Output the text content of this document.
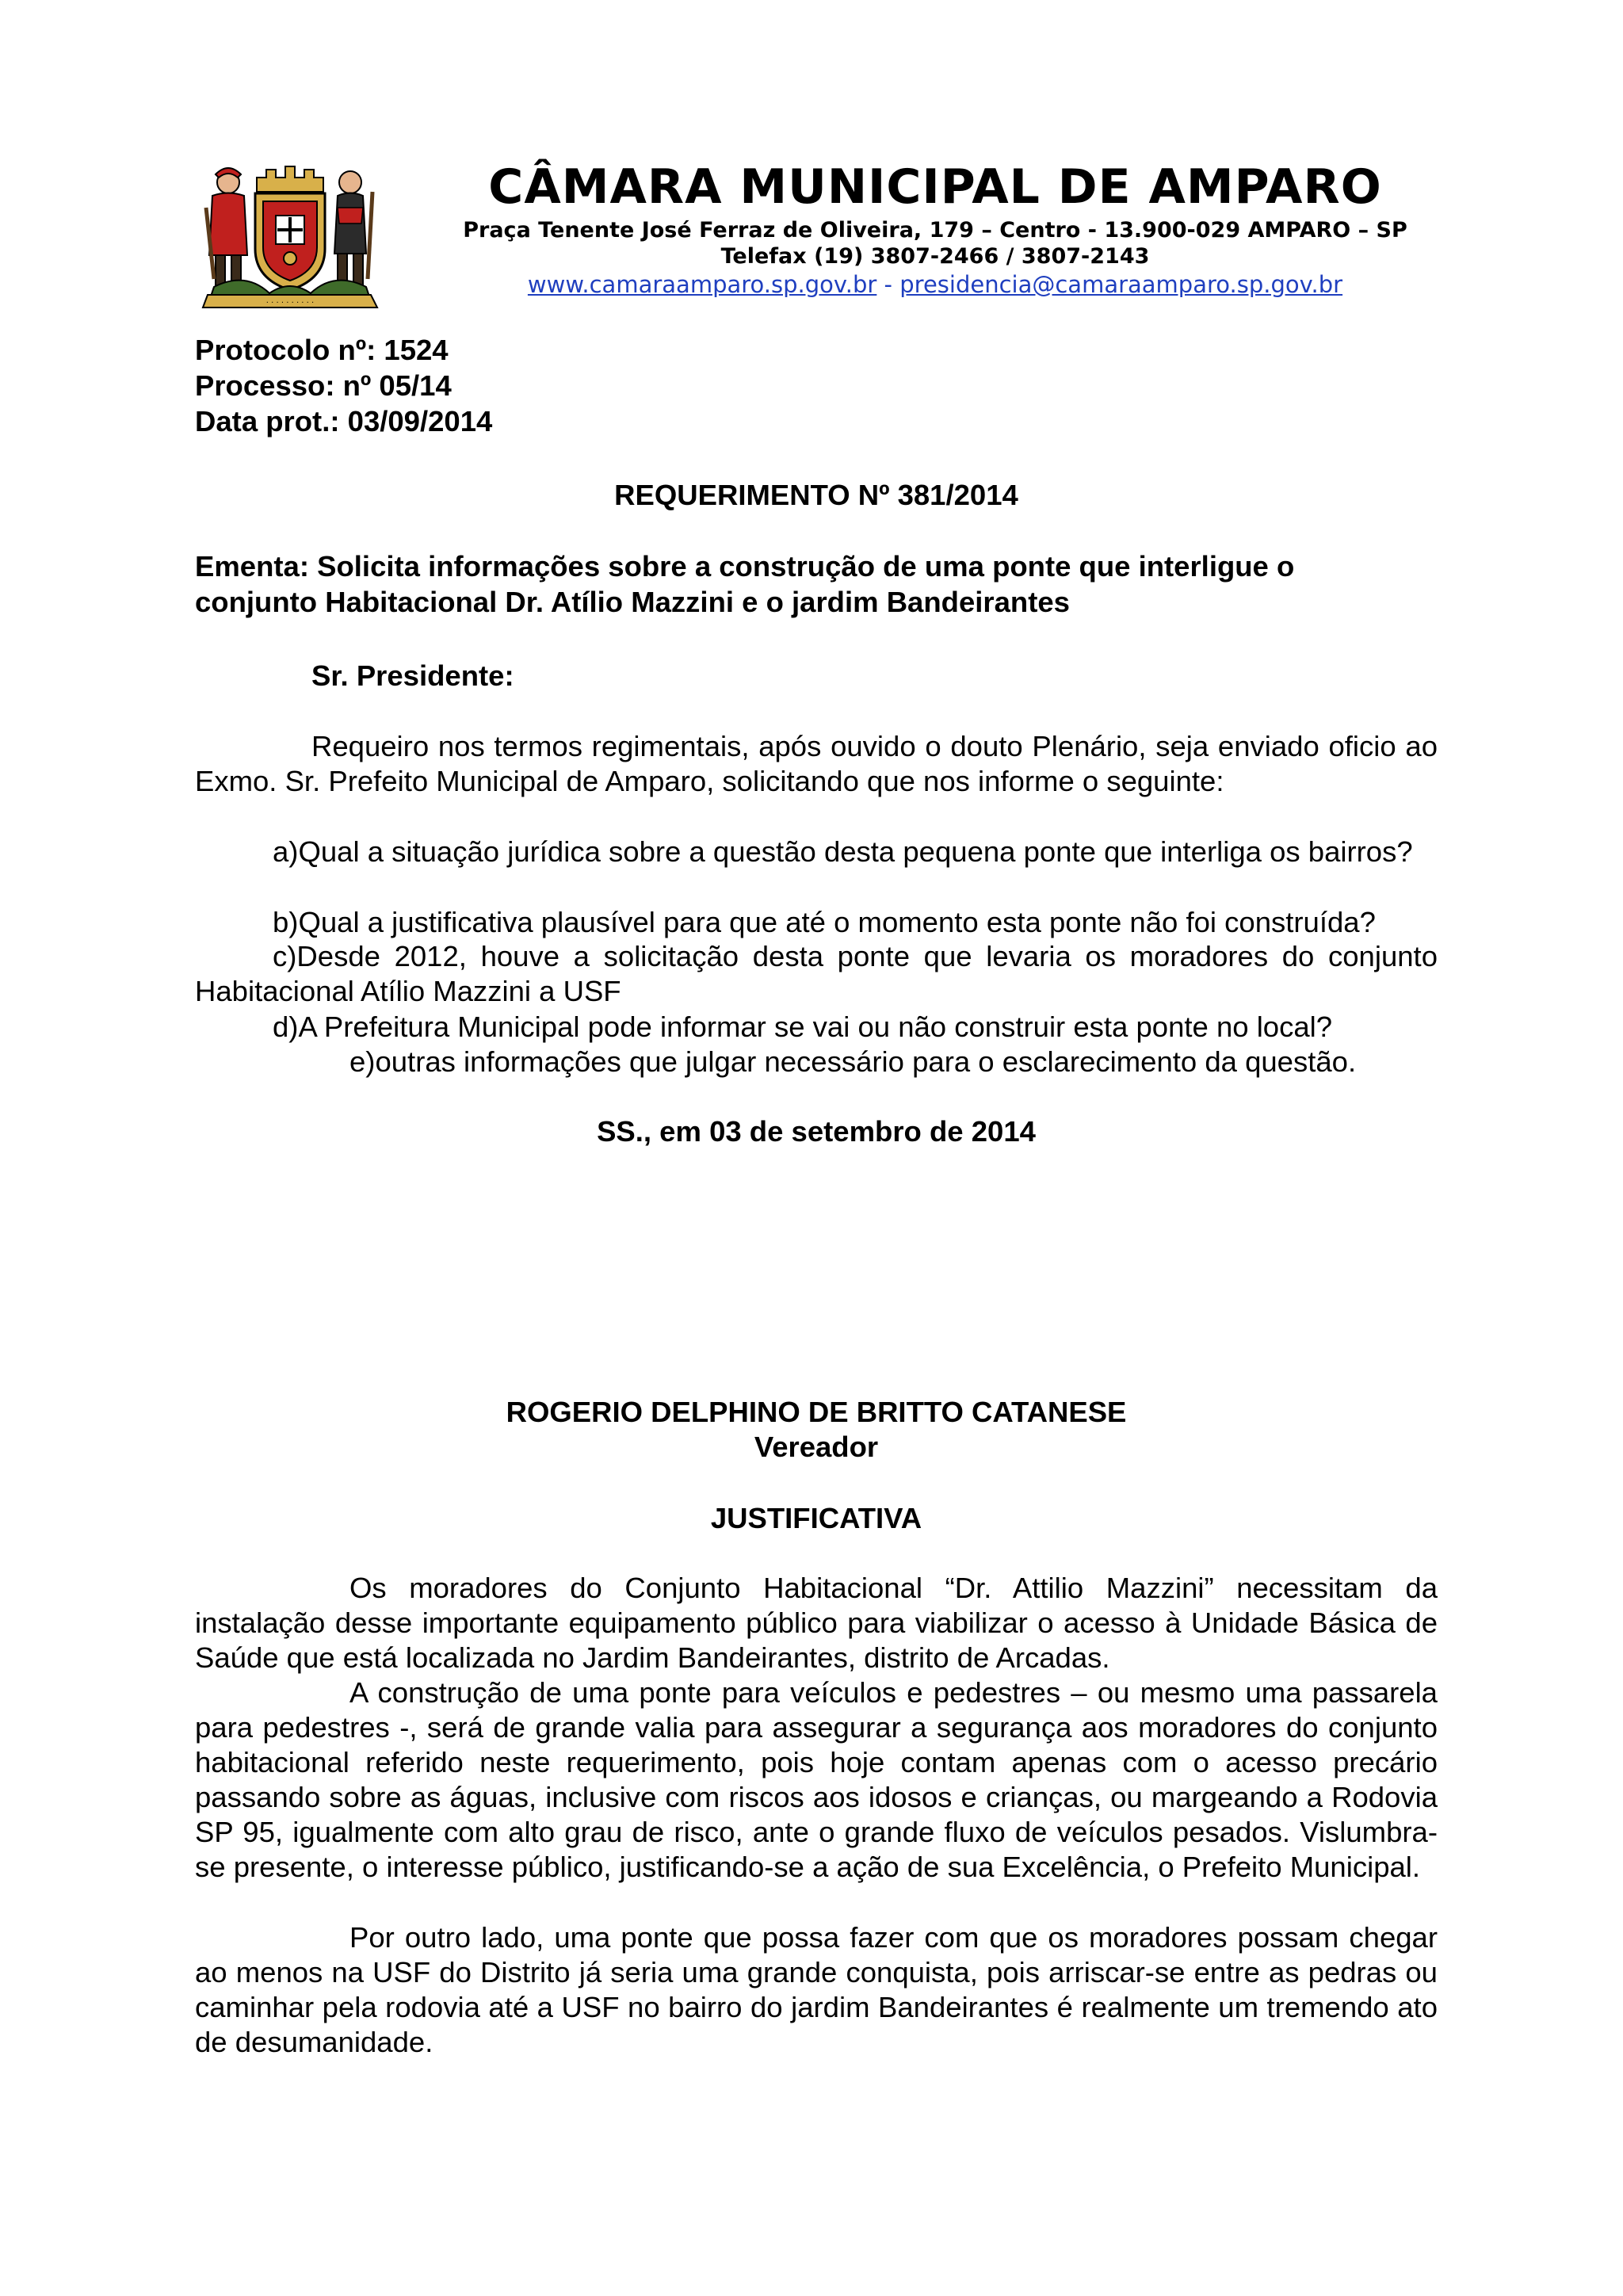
· · · · · · · · · ·
CÂMARA MUNICIPAL DE AMPARO
Praça Tenente José Ferraz de Oliveira, 179 – Centro - 13.900-029 AMPARO – SP
Telefax (19) 3807-2466 / 3807-2143
www.camaraamparo.sp.gov.br - presidencia@camaraamparo.sp.gov.br
Protocolo nº: 1524
Processo: nº 05/14
Data prot.: 03/09/2014
REQUERIMENTO Nº 381/2014
Ementa: Solicita informações sobre a construção de uma ponte que interligue o
conjunto Habitacional Dr. Atílio Mazzini e o jardim Bandeirantes
Sr. Presidente:
Requeiro nos termos regimentais, após ouvido o douto Plenário, seja enviado oficio ao Exmo. Sr. Prefeito Municipal de Amparo, solicitando que nos informe o seguinte:
a)Qual a situação jurídica sobre a questão desta pequena ponte que interliga os bairros?
b)Qual a justificativa plausível para que até o momento esta ponte não foi construída?
c)Desde 2012, houve a solicitação desta ponte que levaria os moradores do conjunto Habitacional Atílio Mazzini a USF
d)A Prefeitura Municipal pode informar se vai ou não construir esta ponte no local?
e)outras informações que julgar necessário para o esclarecimento da questão.
SS., em 03 de setembro de 2014
ROGERIO DELPHINO DE BRITTO CATANESE
Vereador
JUSTIFICATIVA
Os moradores do Conjunto Habitacional “Dr. Attilio Mazzini” necessitam da instalação desse importante equipamento público para viabilizar o acesso à Unidade Básica de Saúde que está localizada no Jardim Bandeirantes, distrito de Arcadas.
A construção de uma ponte para veículos e pedestres – ou mesmo uma passarela para pedestres -, será de grande valia para assegurar a segurança aos moradores do conjunto habitacional referido neste requerimento, pois hoje contam apenas com o acesso precário passando sobre as águas, inclusive com riscos aos idosos e crianças, ou margeando a Rodovia SP 95, igualmente com alto grau de risco, ante o grande fluxo de veículos pesados. Vislumbra-se presente, o interesse público, justificando-se a ação de sua Excelência, o Prefeito Municipal.
Por outro lado, uma ponte que possa fazer com que os moradores possam chegar ao menos na USF do Distrito já seria uma grande conquista, pois arriscar-se entre as pedras ou caminhar pela rodovia até a USF no bairro do jardim Bandeirantes é realmente um tremendo ato de desumanidade.
